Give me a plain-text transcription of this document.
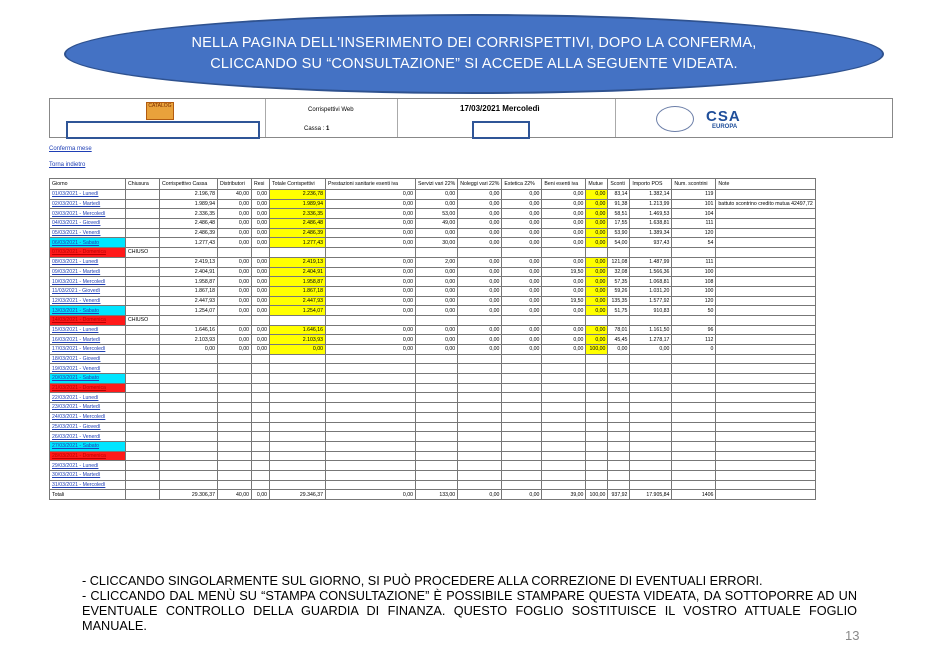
NELLA PAGINA DELL'INSERIMENTO DEI CORRISPETTIVI, DOPO LA CONFERMA,
CLICCANDO SU “CONSULTAZIONE” SI ACCEDE ALLA SEGUENTE VIDEATA.
CATALOG
Corrispettivi Web
Cassa : 1
17/03/2021 Mercoledì	CSA
EUROPA
Conferma mese
Torna indietro
Giorno	Chiusura	Corrispettivo Cassa	Distributori	Resi	Totale Corrispettivi	Prestazioni sanitarie esenti iva	Servizi vari 22%	Noleggi vari 22%	Estetica 22%	Beni esenti iva	Mutue	Sconti	Importo POS	Num. scontrini	Note
01/03/2021 - Lunedì		2.196,78	40,00	0,00	2.236,78	0,00	0,00	0,00	0,00	0,00	0,00	83,14	1.382,14	119	
02/03/2021 - Martedì		1.989,94	0,00	0,00	1.989,94	0,00	0,00	0,00	0,00	0,00	0,00	91,38	1.213,99	101	battuto scontrino credito mutua 42497,72
03/03/2021 - Mercoledì		2.336,35	0,00	0,00	2.336,35	0,00	53,00	0,00	0,00	0,00	0,00	58,51	1.469,53	104	
04/03/2021 - Giovedì		2.486,48	0,00	0,00	2.486,48	0,00	49,00	0,00	0,00	0,00	0,00	17,55	1.638,81	111	
05/03/2021 - Venerdì		2.486,39	0,00	0,00	2.486,39	0,00	0,00	0,00	0,00	0,00	0,00	53,90	1.389,34	120	
06/03/2021 - Sabato		1.277,43	0,00	0,00	1.277,43	0,00	30,00	0,00	0,00	0,00	0,00	54,00	937,43	54	
07/03/2021 - Domenica	CHIUSO														
08/03/2021 - Lunedì		2.419,13	0,00	0,00	2.419,13	0,00	2,00	0,00	0,00	0,00	0,00	121,08	1.487,99	111	
09/03/2021 - Martedì		2.404,91	0,00	0,00	2.404,91	0,00	0,00	0,00	0,00	19,50	0,00	32,08	1.566,36	100	
10/03/2021 - Mercoledì		1.958,87	0,00	0,00	1.958,87	0,00	0,00	0,00	0,00	0,00	0,00	57,35	1.068,81	108	
11/03/2021 - Giovedì		1.867,18	0,00	0,00	1.867,18	0,00	0,00	0,00	0,00	0,00	0,00	59,26	1.031,20	100	
12/03/2021 - Venerdì		2.447,93	0,00	0,00	2.447,93	0,00	0,00	0,00	0,00	19,50	0,00	135,35	1.577,92	120	
13/03/2021 - Sabato		1.254,07	0,00	0,00	1.254,07	0,00	0,00	0,00	0,00	0,00	0,00	51,75	910,83	50	
14/03/2021 - Domenica	CHIUSO														
15/03/2021 - Lunedì		1.646,16	0,00	0,00	1.646,16	0,00	0,00	0,00	0,00	0,00	0,00	78,01	1.161,50	96	
16/03/2021 - Martedì		2.103,93	0,00	0,00	2.103,93	0,00	0,00	0,00	0,00	0,00	0,00	45,45	1.278,17	112	
17/03/2021 - Mercoledì		0,00	0,00	0,00	0,00	0,00	0,00	0,00	0,00	0,00	100,00	0,00	0,00	0	
18/03/2021 - Giovedì															
19/03/2021 - Venerdì															
20/03/2021 - Sabato															
21/03/2021 - Domenica															
22/03/2021 - Lunedì															
23/03/2021 - Martedì															
24/03/2021 - Mercoledì															
25/03/2021 - Giovedì															
26/03/2021 - Venerdì															
27/03/2021 - Sabato															
28/03/2021 - Domenica															
29/03/2021 - Lunedì															
30/03/2021 - Martedì															
31/03/2021 - Mercoledì															
Totali		29.306,37	40,00	0,00	29.346,37	0,00	133,00	0,00	0,00	39,00	100,00	937,92	17.905,84	1406	

- CLICCANDO SINGOLARMENTE SUL GIORNO, SI PUÒ PROCEDERE ALLA CORREZIONE DI EVENTUALI ERRORI.

- CLICCANDO DAL MENÙ SU “STAMPA CONSULTAZIONE” È POSSIBILE STAMPARE QUESTA VIDEATA, DA SOTTOPORRE AD UN EVENTUALE CONTROLLO DELLA GUARDIA DI FINANZA. QUESTO FOGLIO SOSTITUISCE IL VOSTRO ATTUALE FOGLIO MANUALE.

13
